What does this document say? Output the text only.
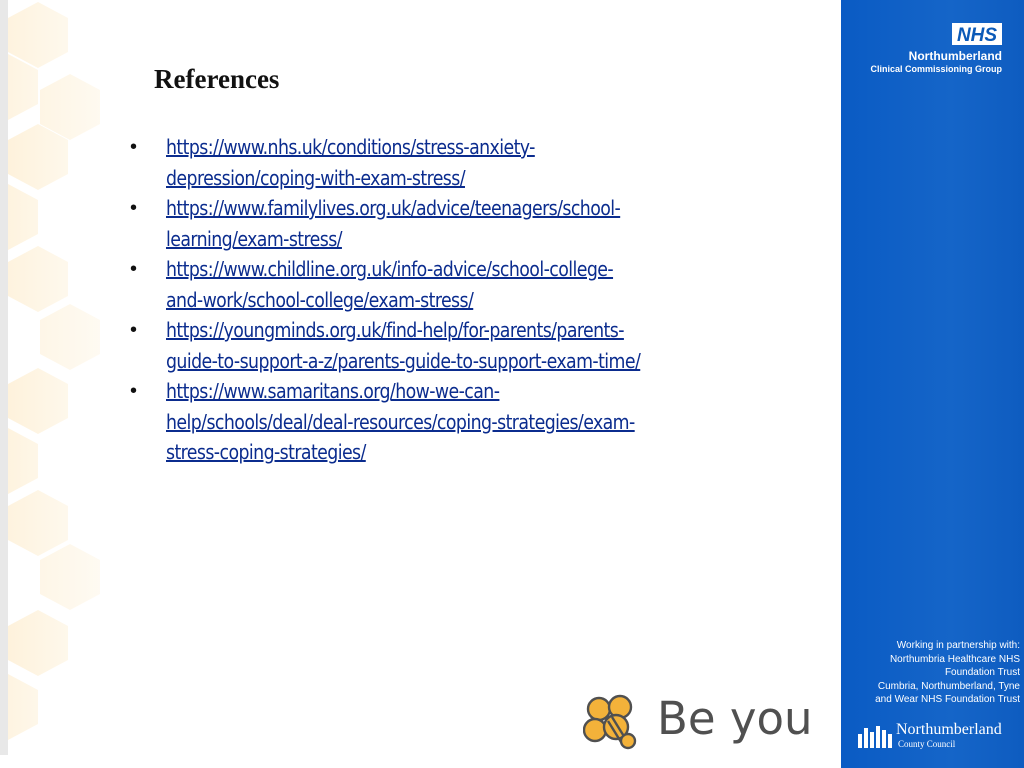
References
• https://www.nhs.uk/conditions/stress-anxiety-
depression/coping-with-exam-stress/
• https://www.familylives.org.uk/advice/teenagers/school-
learning/exam-stress/
• https://www.childline.org.uk/info-advice/school-college-
and-work/school-college/exam-stress/
• https://youngminds.org.uk/find-help/for-parents/parents-
guide-to-support-a-z/parents-guide-to-support-exam-time/
• https://www.samaritans.org/how-we-can-
help/schools/deal/deal-resources/coping-strategies/exam-
stress-coping-strategies/
Be you
NHS
Northumberland
Clinical Commissioning Group
Working in partnership with:
Northumbria Healthcare NHS
Foundation Trust
Cumbria, Northumberland, Tyne
and Wear NHS Foundation Trust
Northumberland
County Council
